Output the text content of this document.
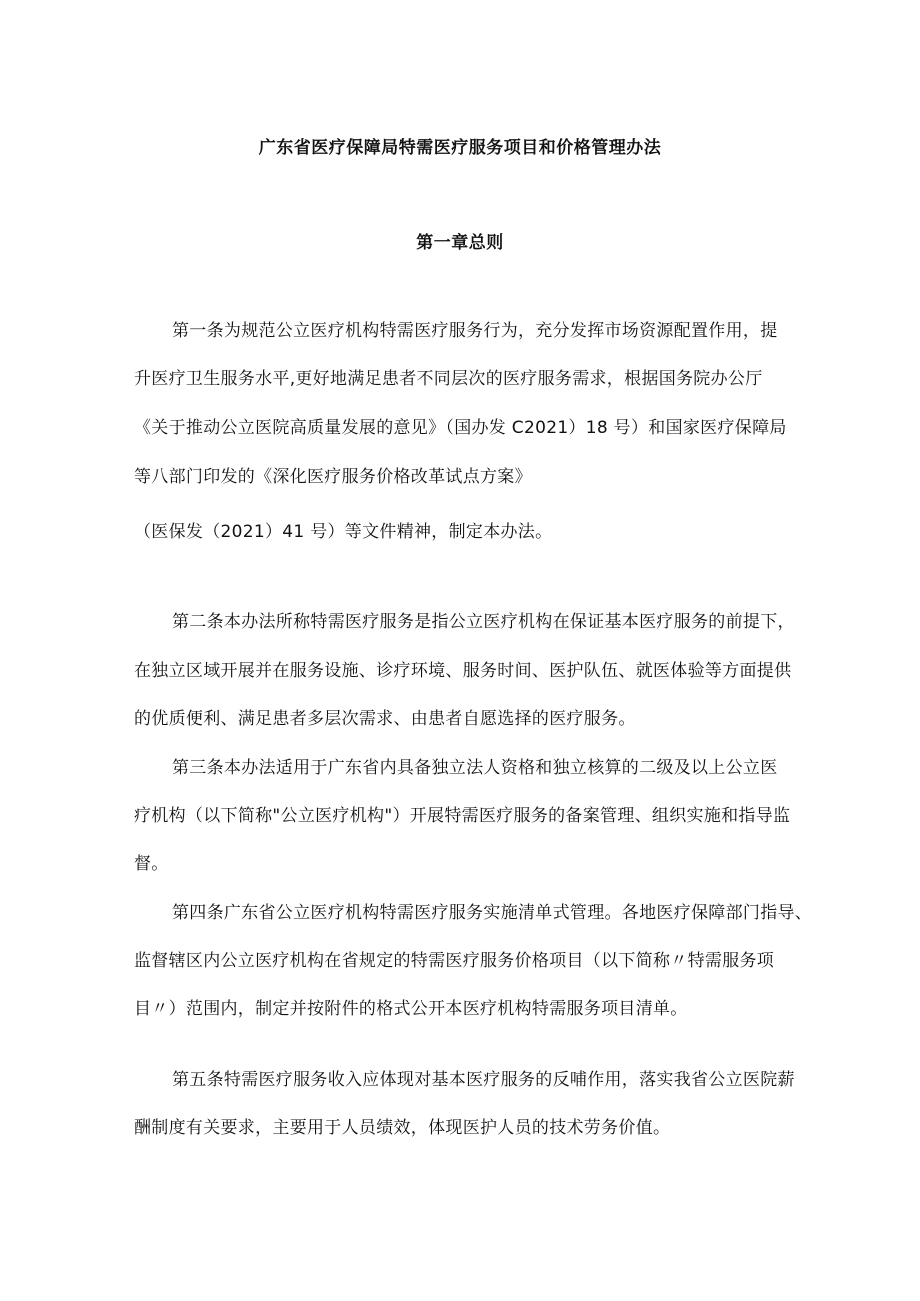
广东省医疗保障局特需医疗服务项目和价格管理办法
第一章总则
第一条为规范公立医疗机构特需医疗服务行为，充分发挥市场资源配置作用，提
升医疗卫生服务水平,更好地满足患者不同层次的医疗服务需求，根据国务院办公厅
《关于推动公立医院高质量发展的意见》（国办发 C2021）18 号）和国家医疗保障局
等八部门印发的《深化医疗服务价格改革试点方案》
（医保发（2021）41 号）等文件精神，制定本办法。
第二条本办法所称特需医疗服务是指公立医疗机构在保证基本医疗服务的前提下，
在独立区域开展并在服务设施、诊疗环境、服务时间、医护队伍、就医体验等方面提供
的优质便利、满足患者多层次需求、由患者自愿选择的医疗服务。
第三条本办法适用于广东省内具备独立法人资格和独立核算的二级及以上公立医
疗机构（以下简称"公立医疗机构"）开展特需医疗服务的备案管理、组织实施和指导监
督。
第四条广东省公立医疗机构特需医疗服务实施清单式管理。各地医疗保障部门指导、
监督辖区内公立医疗机构在省规定的特需医疗服务价格项目（以下简称〃特需服务项
目〃）范围内，制定并按附件的格式公开本医疗机构特需服务项目清单。
第五条特需医疗服务收入应体现对基本医疗服务的反哺作用，落实我省公立医院薪
酬制度有关要求，主要用于人员绩效，体现医护人员的技术劳务价值。
